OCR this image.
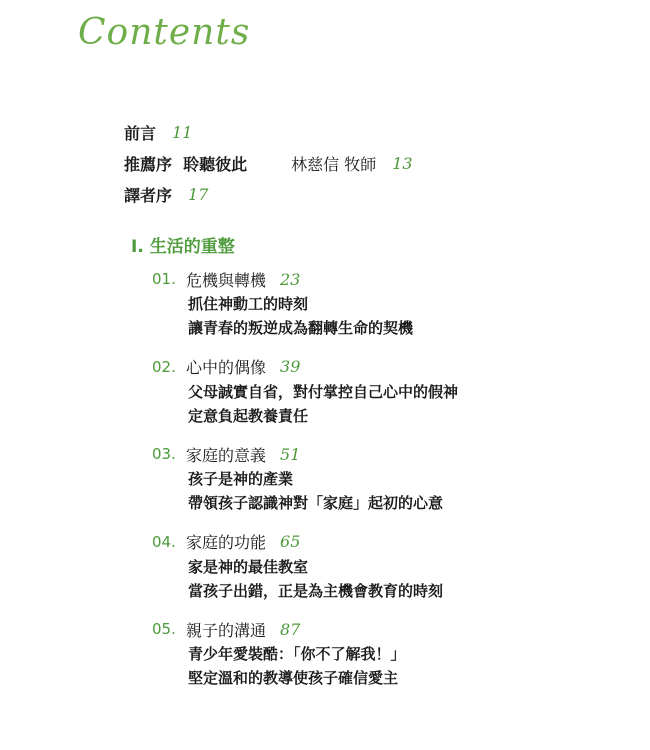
Contents
前言 11
推薦序  聆聽彼此	林慈信 牧師 13
譯者序 17
I. 生活的重整
01. 危機與轉機 23
抓住神動工的時刻
讓青春的叛逆成為翻轉生命的契機
02. 心中的偶像 39
父母誠實自省，對付掌控自己心中的假神
定意負起教養責任
03. 家庭的意義 51
孩子是神的產業
帶領孩子認識神對「家庭」起初的心意
04. 家庭的功能 65
家是神的最佳教室
當孩子出錯，正是為主機會教育的時刻
05. 親子的溝通 87
青少年愛裝酷：「你不了解我！」
堅定溫和的教導使孩子確信愛主
